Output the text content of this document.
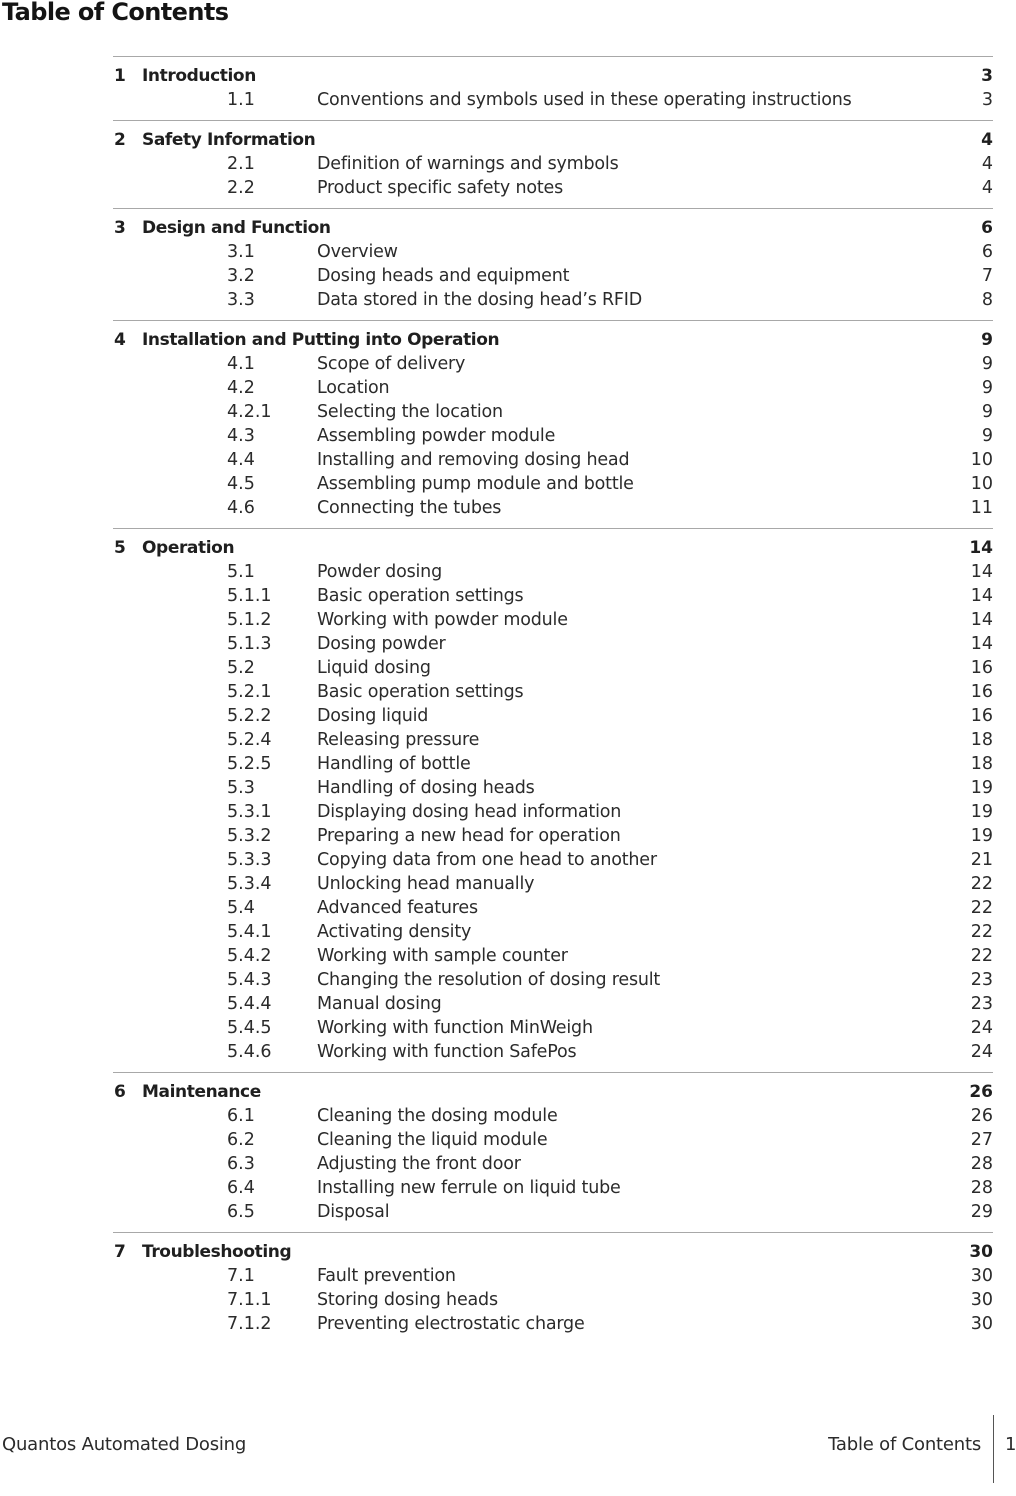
Table of Contents
1 Introduction	3
1.1	Conventions and symbols used in these operating instructions	3
2 Safety Information	4
2.1	Definition of warnings and symbols	4
2.2	Product specific safety notes	4
3 Design and Function	6
3.1	Overview	6
3.2	Dosing heads and equipment	7
3.3	Data stored in the dosing head’s RFID	8
4 Installation and Putting into Operation	9
4.1	Scope of delivery	9
4.2	Location	9
4.2.1	Selecting the location	9
4.3	Assembling powder module	9
4.4	Installing and removing dosing head	10
4.5	Assembling pump module and bottle	10
4.6	Connecting the tubes	11
5 Operation	14
5.1	Powder dosing	14
5.1.1	Basic operation settings	14
5.1.2	Working with powder module	14
5.1.3	Dosing powder	14
5.2	Liquid dosing	16
5.2.1	Basic operation settings	16
5.2.2	Dosing liquid	16
5.2.4	Releasing pressure	18
5.2.5	Handling of bottle	18
5.3	Handling of dosing heads	19
5.3.1	Displaying dosing head information	19
5.3.2	Preparing a new head for operation	19
5.3.3	Copying data from one head to another	21
5.3.4	Unlocking head manually	22
5.4	Advanced features	22
5.4.1	Activating density	22
5.4.2	Working with sample counter	22
5.4.3	Changing the resolution of dosing result	23
5.4.4	Manual dosing	23
5.4.5	Working with function MinWeigh	24
5.4.6	Working with function SafePos	24
6 Maintenance	26
6.1	Cleaning the dosing module	26
6.2	Cleaning the liquid module	27
6.3	Adjusting the front door	28
6.4	Installing new ferrule on liquid tube	28
6.5	Disposal	29
7 Troubleshooting	30
7.1	Fault prevention	30
7.1.1	Storing dosing heads	30
7.1.2	Preventing electrostatic charge	30
Quantos Automated Dosing	Table of Contents 1
